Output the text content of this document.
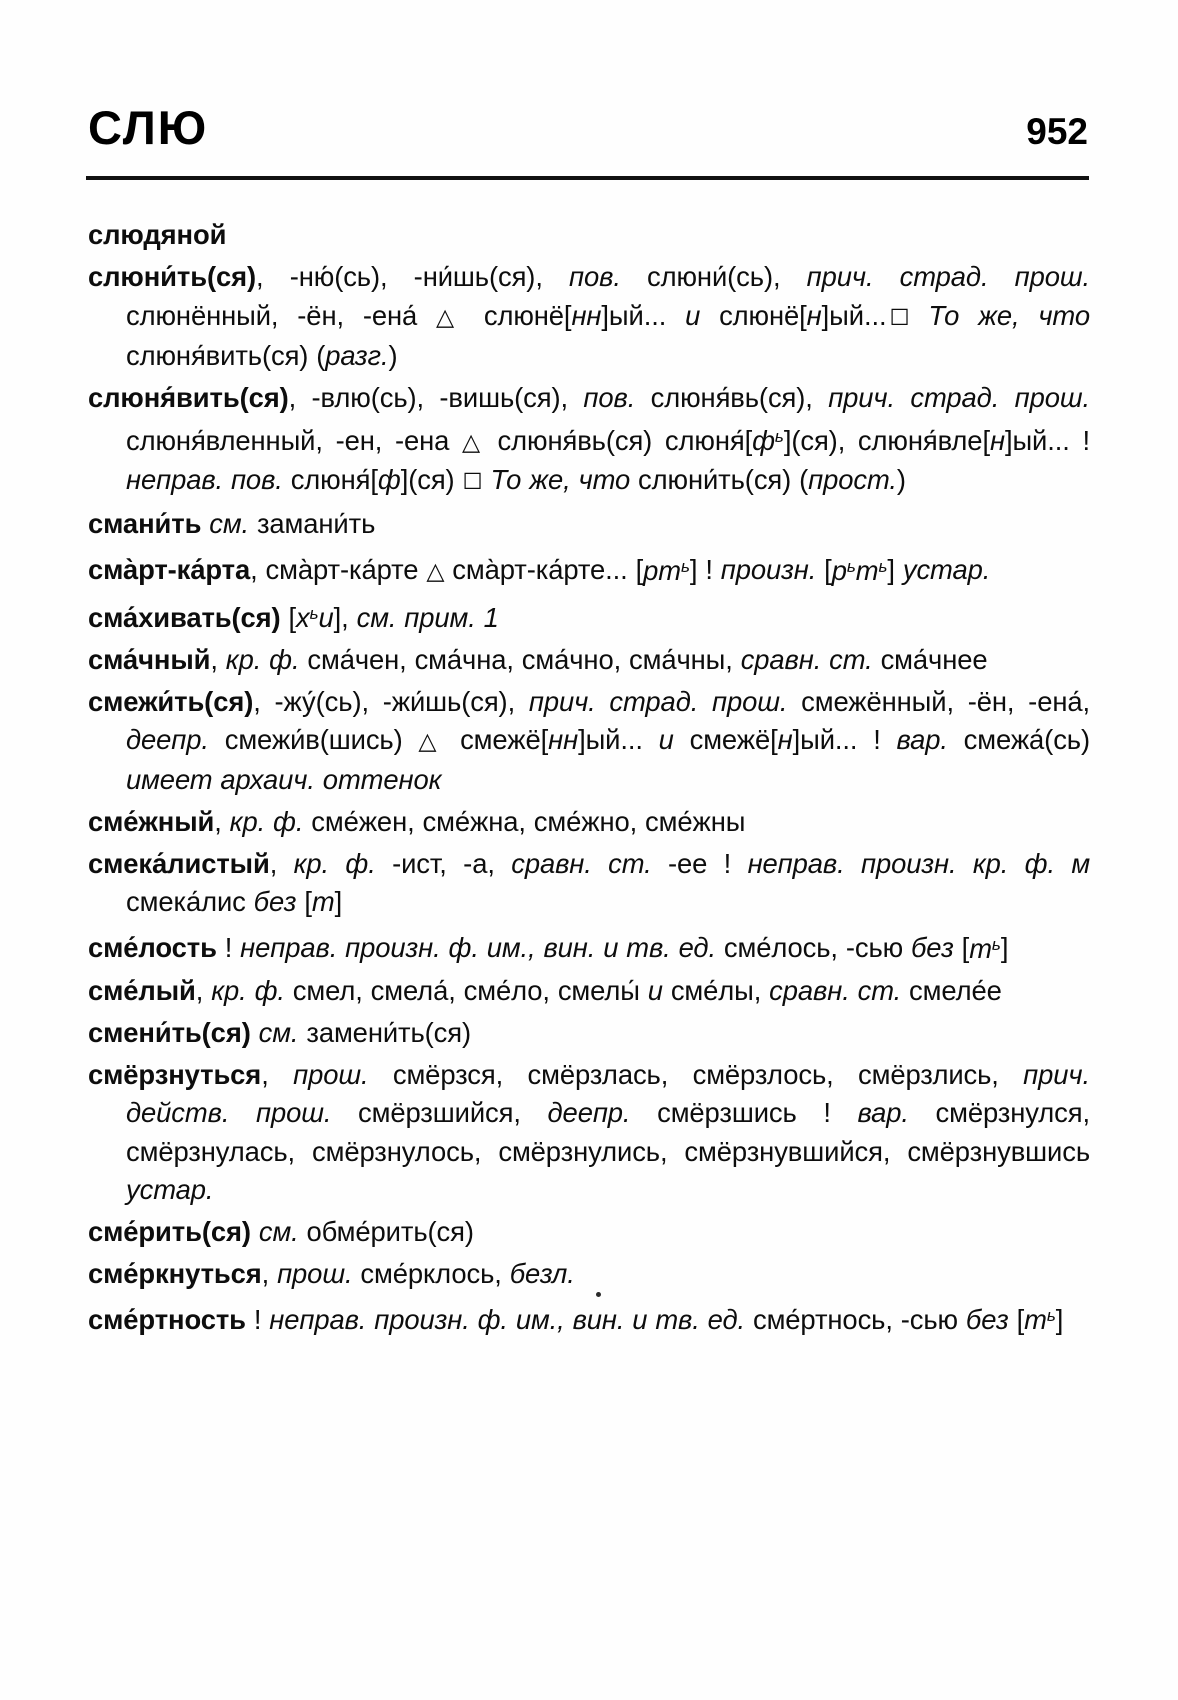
СЛЮ	952

слюдяной

слюни́ть(ся), -ню́(сь), -ни́шь(ся), пов. слюни́(сь), прич. страд. прош. слюнённый, -ён, -ена́ △ слюнё[нн]ый... и слюнё[н]ый... ☐ То же, что слюня́вить(ся) (разг.)

слюня́вить(ся), -влю(сь), -вишь(ся), пов. слюня́вь(ся), прич. страд. прош. слюня́вленный, -ен, -ена △ слюня́вь(ся) $слюня́[ф^ь](ся)$, слюня́вле[н]ый... ! неправ. пов. слюня́[ф](ся) ☐ То же, что слюни́ть(ся) (прост.)

смани́ть см. замани́ть

сма̀рт-ка́рта, сма̀рт-ка́рте △ сма̀рт-ка́рте... $[рт^ь]$ ! произн. $[р^ьт^ь]$ устар.

сма́хивать(ся) $[х^ьи]$, см. прим. 1

сма́чный, кр. ф. сма́чен, сма́чна, сма́чно, сма́чны, сравн. ст. сма́чнее

смежи́ть(ся), -жу́(сь), -жи́шь(ся), прич. страд. прош. смежённый, -ён, -ена́, деепр. смежи́в(шись) △ смежё[нн]ый... и смежё[н]ый... ! вар. смежа́(сь) имеет архаич. оттенок

сме́жный, кр. ф. сме́жен, сме́жна, сме́жно, сме́жны

смека́листый, кр. ф. -ист, -а, сравн. ст. -ее ! неправ. произн. кр. ф. м смека́лис без [т]

сме́лость ! неправ. произн. ф. им., вин. и тв. ед. сме́лось, -сью без $[т^ь]$

сме́лый, кр. ф. смел, смела́, сме́ло, смелы́ и сме́лы, сравн. ст. смеле́е

смени́ть(ся) см. замени́ть(ся)

смёрзнуться, прош. смёрзся, смёрзлась, смёрзлось, смёрзлись, прич. действ. прош. смёрзшийся, деепр. смёрзшись ! вар. смёрзнулся, смёрзнулась, смёрзнулось, смёрзнулись, смёрзнувшийся, смёрзнувшись устар.

сме́рить(ся) см. обме́рить(ся)

сме́ркнуться, прош. сме́рклось, безл.

сме́ртность ! неправ. произн. ф. им., вин. и тв. ед. сме́ртнось, -сью без $[т^ь]$
